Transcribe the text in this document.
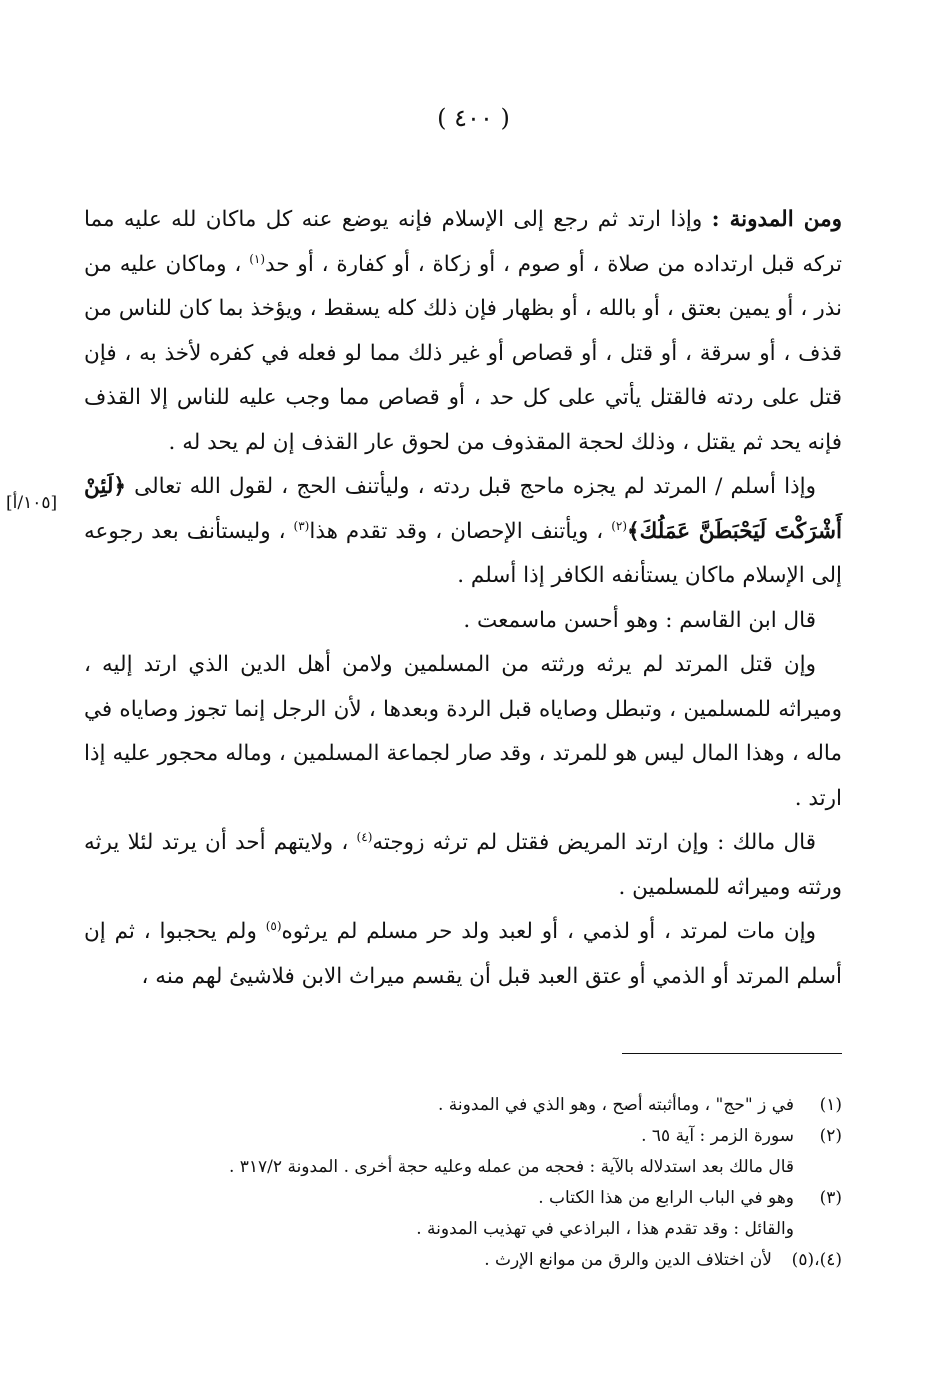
( ٤٠٠ )
[١٠٥/أ]

ومن المدونة : وإذا ارتد ثم رجع إلى الإسلام فإنه يوضع عنه كل ماكان لله عليه مما تركه قبل ارتداده من صلاة ، أو صوم ، أو زكاة ، أو كفارة ، أو حد$^{(١)}$ ، وماكان عليه من نذر ، أو يمين بعتق ، أو بالله ، أو بظهار فإن ذلك كله يسقط ، ويؤخذ بما كان للناس من قذف ، أو سرقة ، أو قتل ، أو قصاص أو غير ذلك مما لو فعله في كفره لأخذ به ، فإن قتل على ردته فالقتل يأتي على كل حد ، أو قصاص مما وجب عليه للناس إلا القذف فإنه يحد ثم يقتل ، وذلك لحجة المقذوف من لحوق عار القذف إن لم يحد له .

وإذا أسلم / المرتد لم يجزه ماحج قبل ردته ، وليأتنف الحج ، لقول الله تعالى ﴿لَئِنْ أَشْرَكْتَ لَيَحْبَطَنَّ عَمَلُكَ﴾$^{(٢)}$ ، ويأتنف الإحصان ، وقد تقدم هذا$^{(٣)}$ ، وليستأنف بعد رجوعه إلى الإسلام ماكان يستأنفه الكافر إذا أسلم .

قال ابن القاسم : وهو أحسن ماسمعت .

وإن قتل المرتد لم يرثه ورثته من المسلمين ولامن أهل الدين الذي ارتد إليه ، وميراثه للمسلمين ، وتبطل وصاياه قبل الردة وبعدها ، لأن الرجل إنما تجوز وصاياه في ماله ، وهذا المال ليس هو للمرتد ، وقد صار لجماعة المسلمين ، وماله محجور عليه إذا ارتد .

قال مالك : وإن ارتد المريض فقتل لم ترثه زوجته$^{(٤)}$ ، ولايتهم أحد أن يرتد لئلا يرثه ورثته وميراثه للمسلمين .

وإن مات لمرتد ، أو لذمي ، أو لعبد ولد حر مسلم لم يرثوه$^{(٥)}$ ولم يحجبوا ، ثم إن أسلم المرتد أو الذمي أو عتق العبد قبل أن يقسم ميراث الابن فلاشيئ لهم منه ،

(١)
في ز "حج" ، وماأثبته أصح ، وهو الذي في المدونة .
(٢)
سورة الزمر : آية ٦٥ .
قال مالك بعد استدلاله بالآية : فحجه من عمله وعليه حجة أخرى . المدونة ٣١٧/٢ .
(٣)
وهو في الباب الرابع من هذا الكتاب .
والقائل : وقد تقدم هذا ، البراذعي في تهذيب المدونة .
(٤)،(٥)
لأن اختلاف الدين والرق من موانع الإرث .
